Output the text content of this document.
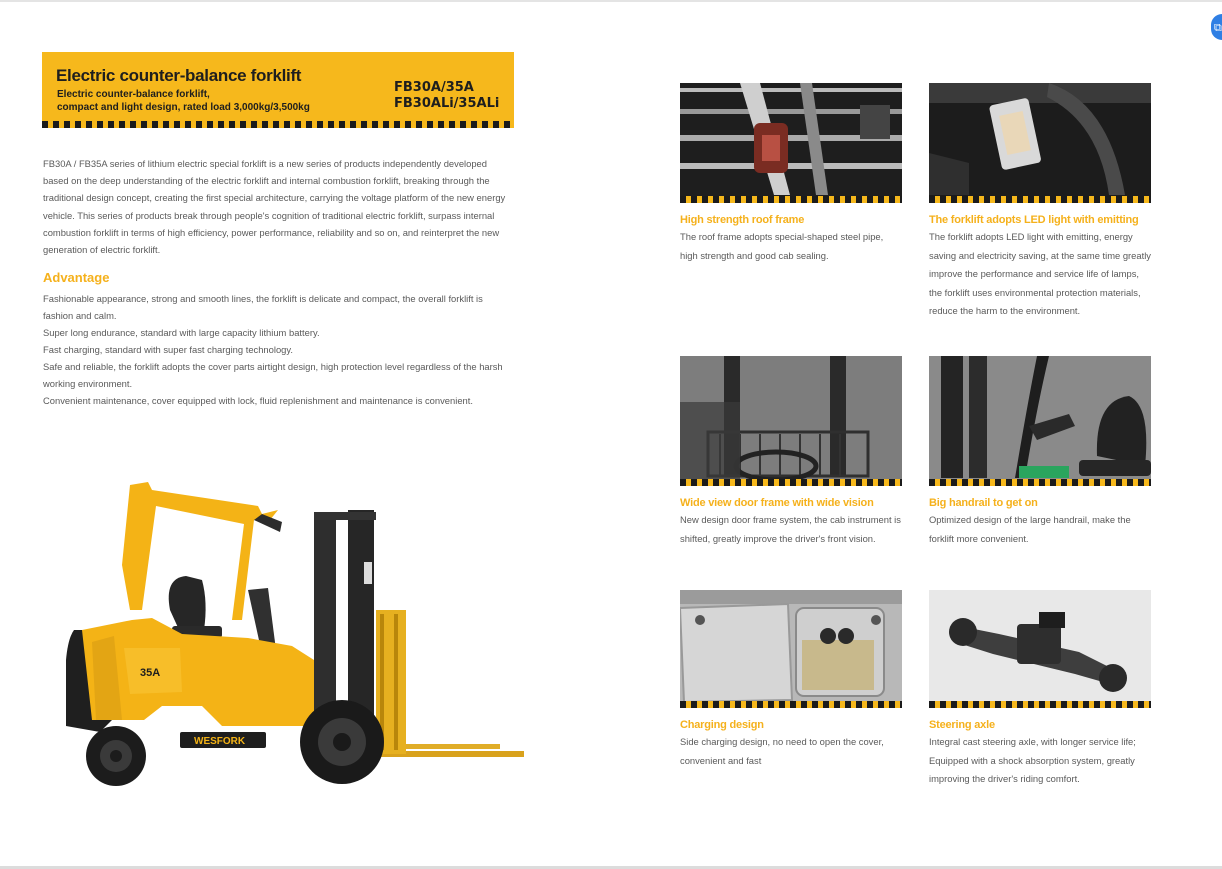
⧉
Electric counter-balance forklift
Electric counter-balance forklift,
compact and light design, rated load 3,000kg/3,500kg
FB30A/35A
FB30ALi/35ALi

FB30A / FB35A series of lithium electric special forklift is a new series of products independently developed based on the deep understanding of the electric forklift and internal combustion forklift, breaking through the traditional design concept, creating the first special architecture, carrying the voltage platform of the new energy vehicle. This series of products break through people's cognition of traditional electric forklift, surpass internal combustion forklift in terms of high efficiency, power performance, reliability and so on, and reinterpret the new generation of electric forklift.

Advantage
Fashionable appearance, strong and smooth lines, the forklift is delicate and compact, the overall forklift is fashion and calm.
Super long endurance, standard with large capacity lithium battery.
Fast charging, standard with super fast charging technology.
Safe and reliable, the forklift adopts the cover parts airtight design, high protection level regardless of the harsh working environment.
Convenient maintenance, cover equipped with lock, fluid replenishment and maintenance is convenient.
35A
WESFORK
High strength roof frame
The roof frame adopts special-shaped steel pipe, high strength and good cab sealing.
The forklift adopts LED light with emitting
The forklift adopts LED light with emitting, energy saving and electricity saving, at the same time greatly improve the performance and service life of lamps, the forklift uses environmental protection materials, reduce the harm to the environment.
Wide view door frame with wide vision
New design door frame system, the cab instrument is shifted, greatly improve the driver's front vision.
Big handrail to get on
Optimized design of the large handrail, make the forklift more convenient.
Charging design
Side charging design, no need to open the cover, convenient and fast
Steering axle
Integral cast steering axle, with longer service life; Equipped with a shock absorption system, greatly improving the driver's riding comfort.
